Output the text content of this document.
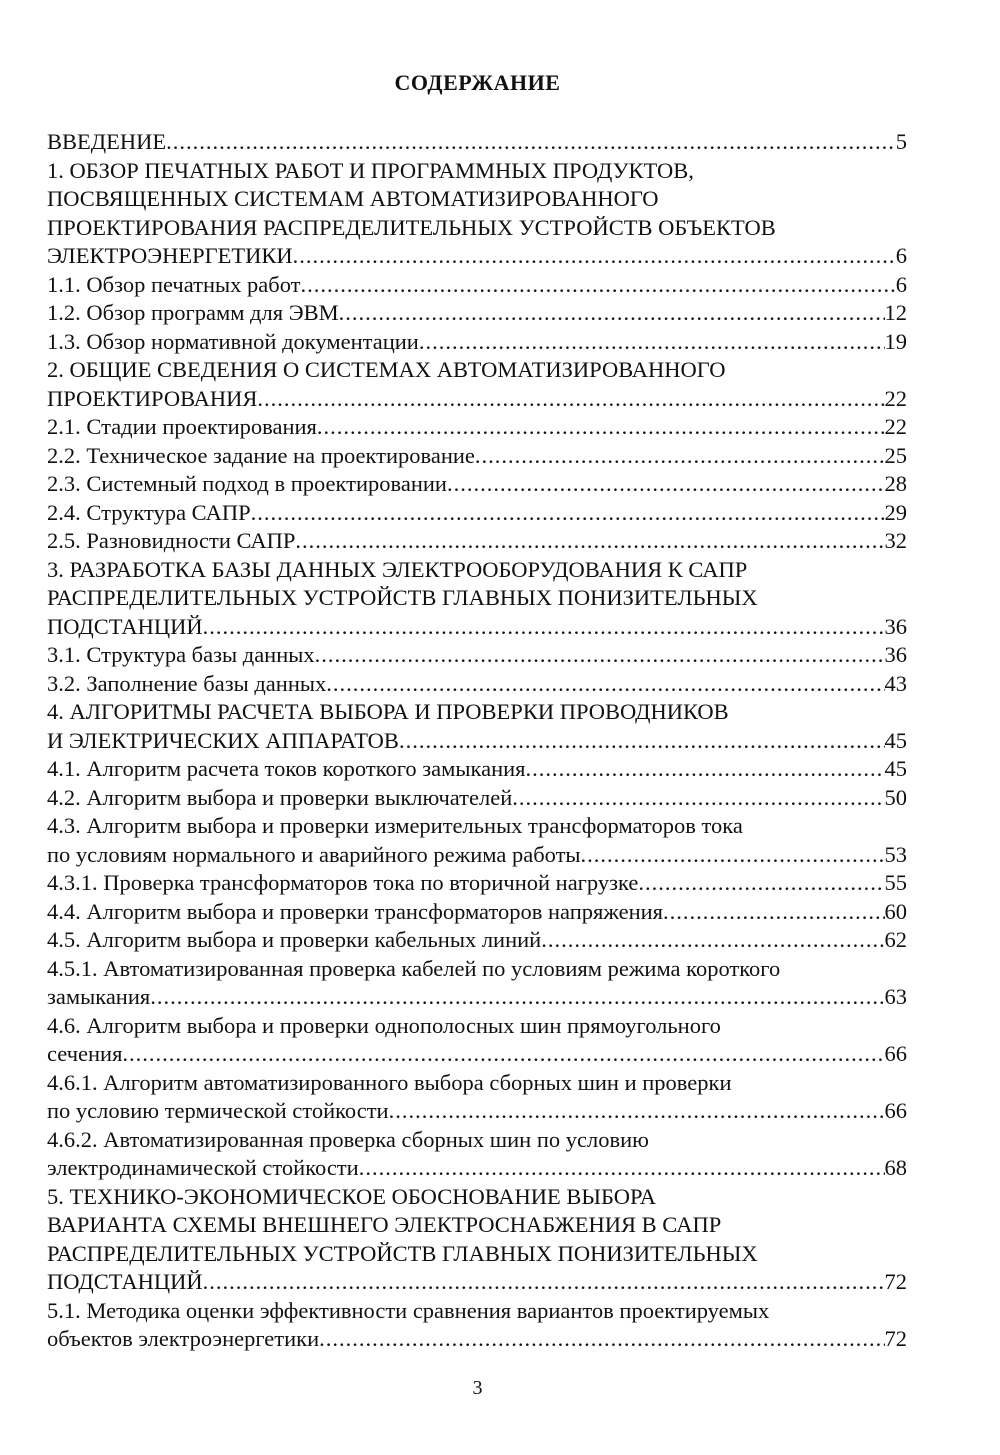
СОДЕРЖАНИЕ
ВВЕДЕНИЕ .....	5
1. ОБЗОР ПЕЧАТНЫХ РАБОТ И ПРОГРАММНЫХ ПРОДУКТОВ,
ПОСВЯЩЕННЫХ СИСТЕМАМ АВТОМАТИЗИРОВАННОГО
ПРОЕКТИРОВАНИЯ РАСПРЕДЕЛИТЕЛЬНЫХ УСТРОЙСТВ ОБЪЕКТОВ
ЭЛЕКТРОЭНЕРГЕТИКИ .....	6
1.1. Обзор печатных работ .....	6
1.2. Обзор программ для ЭВМ .....	12
1.3. Обзор нормативной документации .....	19
2. ОБЩИЕ СВЕДЕНИЯ О СИСТЕМАХ АВТОМАТИЗИРОВАННОГО
ПРОЕКТИРОВАНИЯ .....	22
2.1. Стадии проектирования .....	22
2.2. Техническое задание на проектирование .....	25
2.3. Системный подход в проектировании .....	28
2.4. Структура САПР .....	29
2.5. Разновидности САПР .....	32
3. РАЗРАБОТКА БАЗЫ ДАННЫХ ЭЛЕКТРООБОРУДОВАНИЯ К САПР
РАСПРЕДЕЛИТЕЛЬНЫХ УСТРОЙСТВ ГЛАВНЫХ ПОНИЗИТЕЛЬНЫХ
ПОДСТАНЦИЙ .....	36
3.1. Структура базы данных .....	36
3.2. Заполнение базы данных .....	43
4. АЛГОРИТМЫ РАСЧЕТА ВЫБОРА И ПРОВЕРКИ ПРОВОДНИКОВ
И ЭЛЕКТРИЧЕСКИХ АППАРАТОВ .....	45
4.1. Алгоритм расчета токов короткого замыкания .....	45
4.2. Алгоритм выбора и проверки выключателей .....	50
4.3. Алгоритм выбора и проверки измерительных трансформаторов тока
по условиям нормального и аварийного режима работы .....	53
4.3.1. Проверка трансформаторов тока по вторичной нагрузке .....	55
4.4. Алгоритм выбора и проверки трансформаторов напряжения .....	60
4.5. Алгоритм выбора и проверки кабельных линий .....	62
4.5.1. Автоматизированная проверка кабелей по условиям режима короткого
замыкания .....	63
4.6. Алгоритм выбора и проверки однополосных шин прямоугольного
сечения .....	66
4.6.1. Алгоритм автоматизированного выбора сборных шин и проверки
по условию термической стойкости .....	66
4.6.2. Автоматизированная проверка сборных шин по условию
электродинамической стойкости .....	68
5. ТЕХНИКО-ЭКОНОМИЧЕСКОЕ ОБОСНОВАНИЕ ВЫБОРА
ВАРИАНТА СХЕМЫ ВНЕШНЕГО ЭЛЕКТРОСНАБЖЕНИЯ В САПР
РАСПРЕДЕЛИТЕЛЬНЫХ УСТРОЙСТВ ГЛАВНЫХ ПОНИЗИТЕЛЬНЫХ
ПОДСТАНЦИЙ .....	72
5.1. Методика оценки эффективности сравнения вариантов проектируемых
объектов электроэнергетики .....	72
3
